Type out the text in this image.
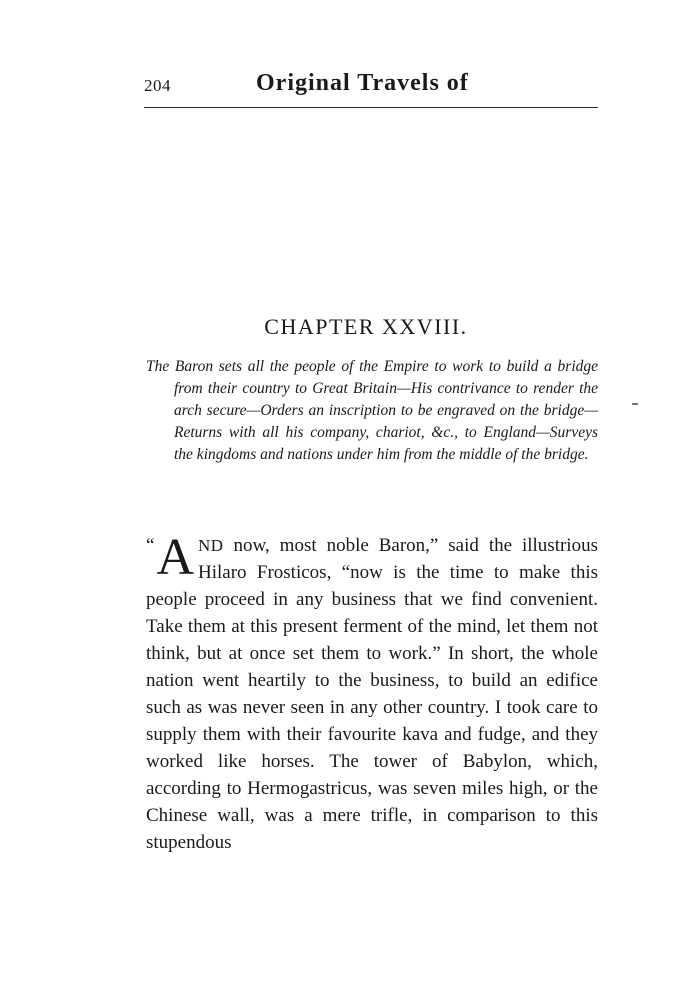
204	Original Travels of
CHAPTER XXVIII.

The Baron sets all the people of the Empire to work to build a bridge from their country to Great Britain—His contrivance to render the arch secure—Orders an inscription to be engraved on the bridge—Returns with all his company, chariot, &c., to England—Surveys the kingdoms and nations under him from the middle of the bridge.

“ A ND now, most noble Baron,” said the illustrious Hilaro Frosticos, “now is the time to make this people proceed in any business that we find convenient. Take them at this present ferment of the mind, let them not think, but at once set them to work.” In short, the whole nation went heartily to the business, to build an edifice such as was never seen in any other country. I took care to supply them with their favourite kava and fudge, and they worked like horses. The tower of Babylon, which, according to Hermogastricus, was seven miles high, or the Chinese wall, was a mere trifle, in comparison to this stupendous
